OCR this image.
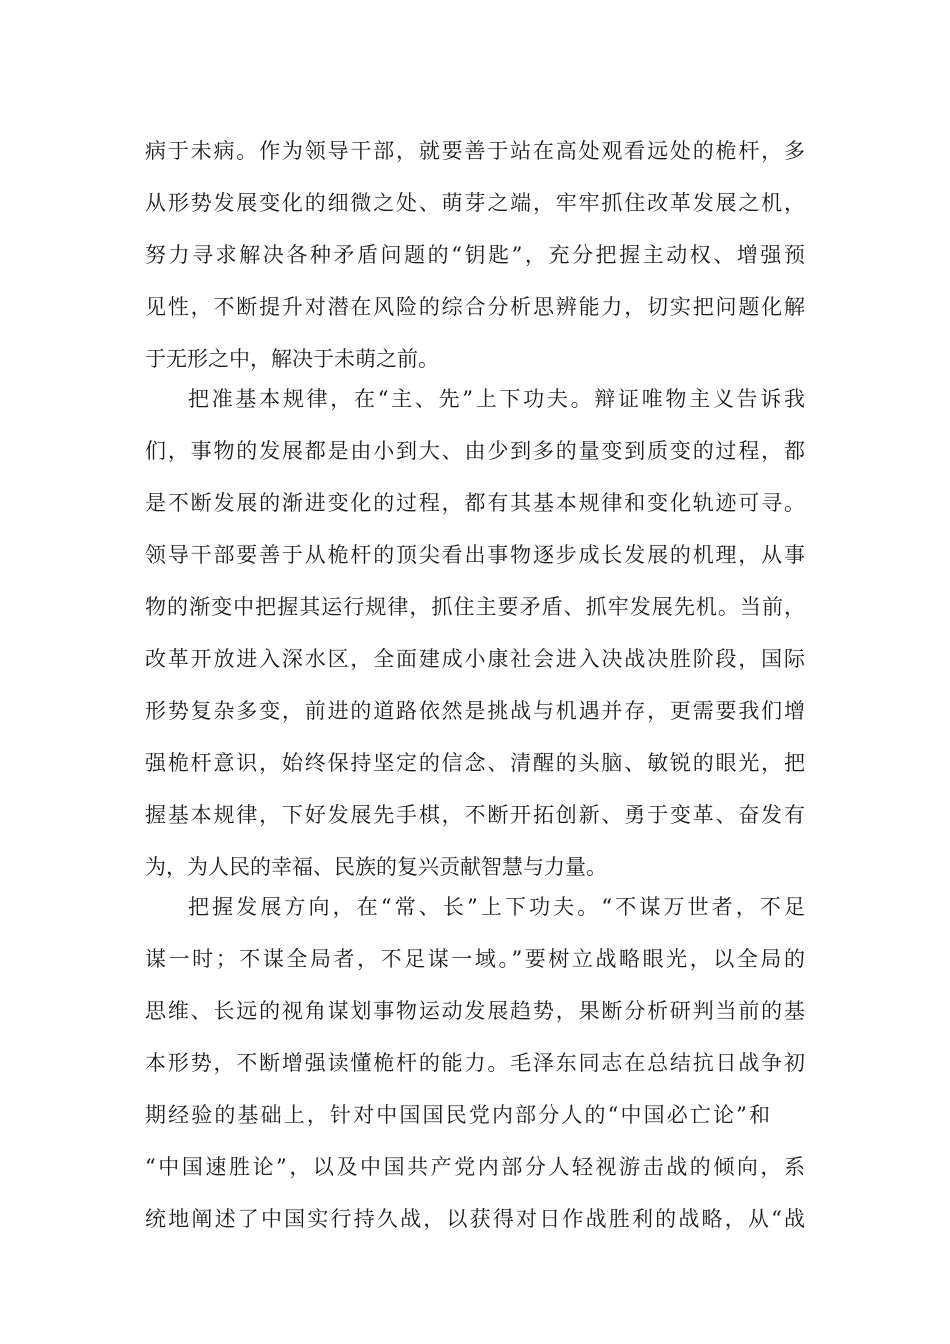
病于未病。作为领导干部，就要善于站在高处观看远处的桅杆，多
从形势发展变化的细微之处、萌芽之端，牢牢抓住改革发展之机，
努力寻求解决各种矛盾问题的“钥匙”，充分把握主动权、增强预
见性，不断提升对潜在风险的综合分析思辨能力，切实把问题化解
于无形之中，解决于未萌之前。
把准基本规律，在“主、先”上下功夫。辩证唯物主义告诉我
们，事物的发展都是由小到大、由少到多的量变到质变的过程，都
是不断发展的渐进变化的过程，都有其基本规律和变化轨迹可寻。
领导干部要善于从桅杆的顶尖看出事物逐步成长发展的机理，从事
物的渐变中把握其运行规律，抓住主要矛盾、抓牢发展先机。当前，
改革开放进入深水区，全面建成小康社会进入决战决胜阶段，国际
形势复杂多变，前进的道路依然是挑战与机遇并存，更需要我们增
强桅杆意识，始终保持坚定的信念、清醒的头脑、敏锐的眼光，把
握基本规律，下好发展先手棋，不断开拓创新、勇于变革、奋发有
为，为人民的幸福、民族的复兴贡献智慧与力量。
把握发展方向，在“常、长”上下功夫。“不谋万世者，不足
谋一时；不谋全局者，不足谋一域。”要树立战略眼光，以全局的
思维、长远的视角谋划事物运动发展趋势，果断分析研判当前的基
本形势，不断增强读懂桅杆的能力。毛泽东同志在总结抗日战争初
期经验的基础上，针对中国国民党内部分人的“中国必亡论”和
“中国速胜论”，以及中国共产党内部分人轻视游击战的倾向，系
统地阐述了中国实行持久战，以获得对日作战胜利的战略，从“战
